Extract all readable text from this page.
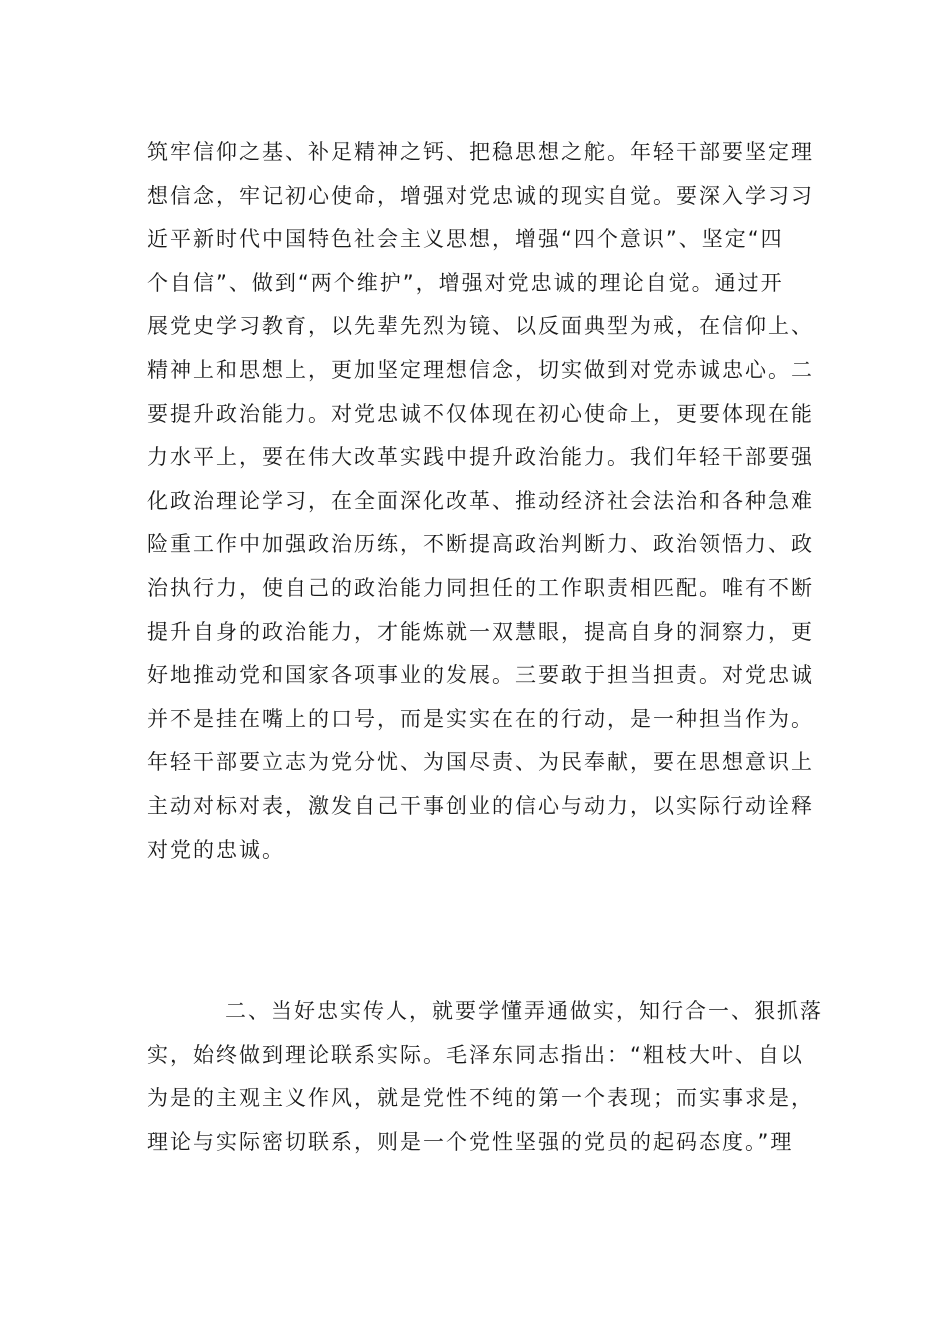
筑牢信仰之基、补足精神之钙、把稳思想之舵。年轻干部要坚定理
想信念，牢记初心使命，增强对党忠诚的现实自觉。要深入学习习
近平新时代中国特色社会主义思想，增强“四个意识”、坚定“四
个自信”、做到“两个维护”，增强对党忠诚的理论自觉。通过开
展党史学习教育，以先辈先烈为镜、以反面典型为戒，在信仰上、
精神上和思想上，更加坚定理想信念，切实做到对党赤诚忠心。二
要提升政治能力。对党忠诚不仅体现在初心使命上，更要体现在能
力水平上，要在伟大改革实践中提升政治能力。我们年轻干部要强
化政治理论学习，在全面深化改革、推动经济社会法治和各种急难
险重工作中加强政治历练，不断提高政治判断力、政治领悟力、政
治执行力，使自己的政治能力同担任的工作职责相匹配。唯有不断
提升自身的政治能力，才能炼就一双慧眼，提高自身的洞察力，更
好地推动党和国家各项事业的发展。三要敢于担当担责。对党忠诚
并不是挂在嘴上的口号，而是实实在在的行动，是一种担当作为。
年轻干部要立志为党分忧、为国尽责、为民奉献，要在思想意识上
主动对标对表，激发自己干事创业的信心与动力，以实际行动诠释
对党的忠诚。
二、当好忠实传人，就要学懂弄通做实，知行合一、狠抓落
实，始终做到理论联系实际。毛泽东同志指出：“粗枝大叶、自以
为是的主观主义作风，就是党性不纯的第一个表现；而实事求是，
理论与实际密切联系，则是一个党性坚强的党员的起码态度。”理
